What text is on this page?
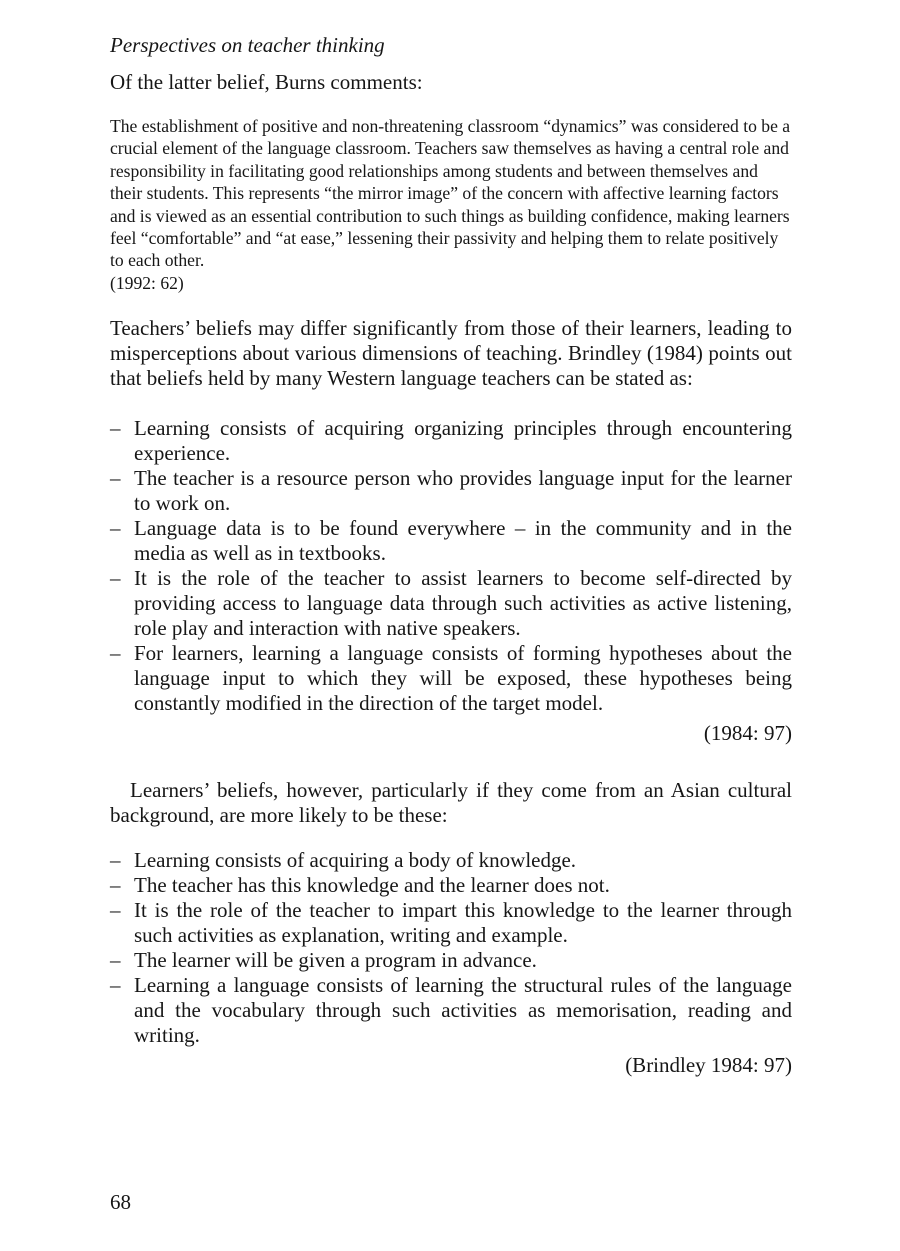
Perspectives on teacher thinking

Of the latter belief, Burns comments:

The establishment of positive and non-threatening classroom “dynamics” was considered to be a crucial element of the language classroom. Teachers saw themselves as having a central role and responsibility in facilitating good relationships among students and between themselves and their students. This represents “the mirror image” of the concern with affective learning factors and is viewed as an essential contribution to such things as building confidence, making learners feel “comfortable” and “at ease,” lessening their passivity and helping them to relate positively to each other.
(1992: 62)

Teachers’ beliefs may differ significantly from those of their learners, leading to misperceptions about various dimensions of teaching. Brindley (1984) points out that beliefs held by many Western language teachers can be stated as:

– Learning consists of acquiring organizing principles through encountering experience.
– The teacher is a resource person who provides language input for the learner to work on.
– Language data is to be found everywhere – in the community and in the media as well as in textbooks.
– It is the role of the teacher to assist learners to become self-directed by providing access to language data through such activities as active listening, role play and interaction with native speakers.
– For learners, learning a language consists of forming hypotheses about the language input to which they will be exposed, these hypotheses being constantly modified in the direction of the target model.
(1984: 97)

Learners’ beliefs, however, particularly if they come from an Asian cultural background, are more likely to be these:

– Learning consists of acquiring a body of knowledge.
– The teacher has this knowledge and the learner does not.
– It is the role of the teacher to impart this knowledge to the learner through such activities as explanation, writing and example.
– The learner will be given a program in advance.
– Learning a language consists of learning the structural rules of the language and the vocabulary through such activities as memorisation, reading and writing.
(Brindley 1984: 97)
68
